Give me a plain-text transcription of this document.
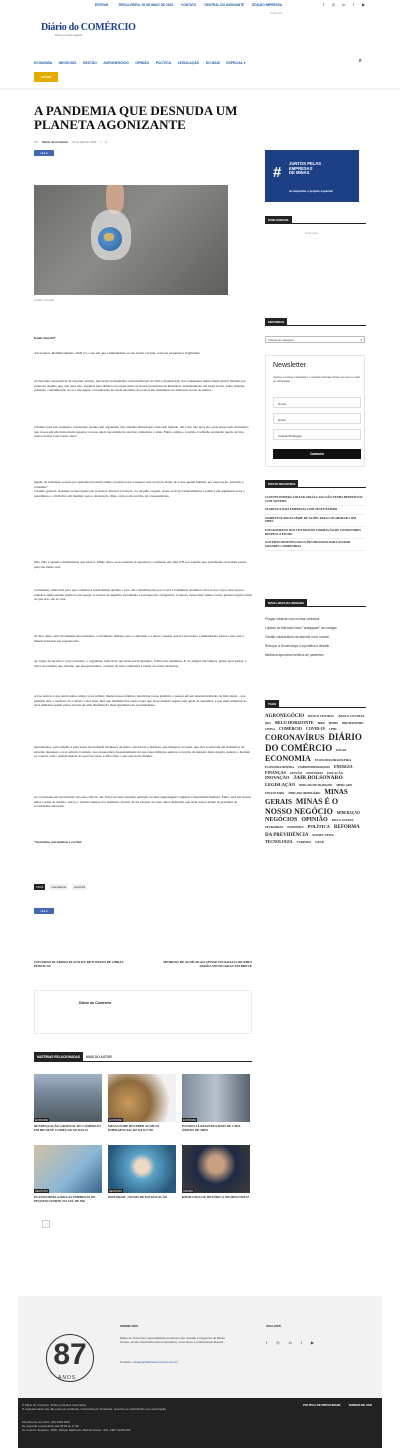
ENTRAR	TERÇA-FEIRA, 09 DE MAIO DE 2023	CONTATO	CENTRAL DO ASSINANTE	EDIÇÃO IMPRESSA	f	◎ in	t	▶
Diário do COMÉRCIO
ética é o nosso negócio
Publicidade
ECONOMIA NEGÓCIOS GESTÃO AGRONEGÓCIO OPINIÃO POLÍTICA LEGISLAÇÃO DO MAIS ESPECIAL ▾	⌕
AUTOR
A PANDEMIA QUE DESNUDA UM PLANETA AGONIZANTE
Por Diário do Comércio 22 de abril de 2020 ▪ 0
Like 0
Crédito: Freepik
Paulo Stucchi*
Adoecemos. Definitivamente, 2020 foi o ano em que a humanidade se viu, frente a frente, com sua pequenez e fragilidade.
As décadas consecutivas de expando urbano, inovações na medicina, universalização da Web e planificação dos continentes numa aldeia global fizeram-nos esquecer daquilo que, ano após ano, jogamos para debaixo do tapete junto às nossas promessas de Réveillon: desmatamento em larga escala, fome, miséria, poluição, contaminação do ar e das águas, concentração de renda nas mãos de poucos em detrimento da alienação social de muitos.
Criamos para nós, humanos, um mundo doente; um organismo cujo sistema imunológico tem sido minado, dia a dia, ano após ano, pela nossa ação destrutiva; que cresce em um ritmo muito superior à nossa igual capacidade de renovar, embelezar e amar. Então, amigos, convido à reflexão profunda: quem, de fato, esteve doente todos esses anos?
Quem, na realidade, respira por aparelhos há muito tempo, lutando para recuperar seus recursos diante de voraz apetite humano por exploração, extração e consumo?
Criamos guerras, sistemas sociais iguais sob protestos diversos (avanços, cor da pele, origem, classe social); transformamos a política em argumento para o extermínio e o diabólico em instituto para a devastação. Mas, como toda escolha, há consequências.
Não. Não é apenas a humanidade que adoece. Muito antes, nosso planeta já agonizava, confinado em uma UTI por aqueles que, justamente, deveriam prezar pela sua saúde: nós.
Certamente, demorará para que voltemos à normalidade quando o pico das contaminações por Covid-19 diminuir. Podemos curar nosso corpo, mas nossos espíritos ainda estarão lotéricos em apagar os nossos de angústia, isolamento e introspecção obrigatória. Contudo, nesse meio tempo, nosso planeta respira; mais do que isso, ele se cura.
Arrisco dizer, sem obviamente desconsiderar o sofrimento humano que os sintomas e a morte causam, que foi necessário a humanidade adoecer para que o mundo iniciasse sua regeneração.
Ao longo de séculos o corpo terrestre, o organismo infeccioso que mata seu hospedeiro, fomos nós, humanos. E, do tempos em tempos, pestes após pestes, a Terra nos lembra que, mesmo que desapareçamos, a beleza da vida continuará a existir de outras maneiras.
A boa notícia é que ainda temos tempo; para refletir, mudar nossos hábitos, relativizar nossa ganância e pensar em um desenvolvimento de mão dupla – que permita, sim, o usufruto do conforto e dos bens, mas que também abra espaço para que nosso mundo respire sem ajuda de aparelhos, e que mais sementes da terra humanos sejam vistos através de uma distribuição mais igualitária de oportunidades.
Aprendemos, pela religião e pela nossa necessidade intrínseca de mitos, salvadores e mártires, que milagres ocorrem, que eles acontecem em momentos de extremo desespero e nos salvam. Contudo, nos esquecemos frequentemente de que esses milagres sempre ocorrerão da maneira mais singela, quando o homem se conecta com o grande mundo do qual faz parte, e deixa fluir o que este há de melhor.
As sociedades são previsíveis; são elas cíclicas, são frutos de uma estrutura pensada, de uma engrenagem completa e meramente humana. Entre, será em nossas mãos o leme do destino. Até lá, o planeta sempre nos lembrará, através da dor (depois do tanto amor dedicado) que nada somos diante da grandeza do ecossistema universal.
*Jornalista, psicanalista e escritor
TAGS	coronavírus	covid-19
Like 0
GOVERNO ELABORA PLANO DE RETOMADA DE OBRAS PÚBLICAS
MEDIDAS DE AUXÍLIO AO SETOR SUCROALCOOLEIRO SERÃO ANUNCIADAS EM BREVE
Diário do Comércio
MATÉRIAS RELACIONADAS	MAIS DO AUTOR
ECONOMIA
READEQUAÇÃO GRADUAL DO COMÉRCIO EM BH DEVE COMEÇAR NO DIA 25
ECONOMIA
MINAS PODE RECEBER AUXÍLIO EMERGENCIAL DE R$ 8,77 BI
ECONOMIA
ESTADO JÁ REGISTRA MAIS DE 2 MIL ÓBITOS DE SRES
NEGÓCIOS
PLATAFORMA AJUDA AS EMPRESAS DE PEQUENO PORTE NO SUL DE MG
NEGÓCIOS
EDITORIAL | SINAIS DE PACIFICAÇÃO
OPINIÃO
IDEOLOGIA OU RETÓRICA OPORTUNISTA?
›
#
JUNTOS PELAS
EMPRESAS
DE MINAS
Acompanhe o projeto especial
PUBLICIDADE
Publicidade
EDITORIAS
Selecionar categoria	▾
Newsletter
Assine a nossa newsletter e receba notícias direto em seu e-mail ou whatsapp
Nome
Email
Celular/Whatsapp
Cadastro
POSTS RECENTES
CLIENTE PODERÁ VOLTAR ATRÁS CASO NÃO TENHA BENEFÍCIOS COM SISTEMA
STARTUP AJUDA EMPRESAS COM TESTE RÁPIDO
MARKETUP ADOTA SÉRIE DE AÇÕES PARA COLABORAR COM MPES
FATURAMENTO DOS CENTROS DE FORMAÇÃO DE CONDUTORES DESPENCA EM MG
GOVERNO DESENHA SOLUÇÕES PRIVADAS PARA AJUDAR GRANDES COMPANHIAS
MAIS LIDAS DA SEMANA
Pragas urbanas com os dias contados
Lojistas do Mercado Novo "arregaçam" as mangas
Gestão colaborativa vai assumir novo normal
Reforçar a Governança Corporativa é desafio
Medicina aprovima médicos de pacientes
TAGS
AGRONEGÓCIO BANCO CENTRAL BANCO CENTRAL (BC) BELO HORIZONTE BIRD BNDES BRUMADINHO CHINA COMÉRCIO COVID-19 CPMI CORONAVÍRUS DIÁRIO DO COMÉRCIO DÓLAR ECONOMIA ECONOMIA BRASILEIRA ECONOMIA MINEIRA EMPREENDEDORISMO ENERGIA FINANÇAS GESTÃO INDÚSTRIA INFLAÇÃO INOVAÇÃO JAIR BOLSONARO LEGISLAÇÃO MERCADO DE TRABALHO MERCADO FINANCEIRO MERCADO IMOBILIÁRIO MINAS GERAIS MINAS É O NOSSO NEGÓCIO MINERAÇÃO NEGÓCIOS OPINIÃO PAULO GUEDES PETROBRAS PANDEMIA POLÍTICA REFORMA DA PREVIDÊNCIA ROMEU ZEMA TECNOLOGIA TURISMO VALE
87
ANOS
SOBRE NÓS
Diário do Comércio: especializado em Economia, Gestão e Negócios de Minas Gerais, sendo referência para empresários, executivos e profissionais liberais.
Contato: contato@diariodocomercio.com.br
SIGA-NOS
f ◎ in t ▶
© Diário do Comércio. Todos os direitos reservados.
O conteúdo deste site não pode ser publicado, transmitido por broadcast, reescrito ou redistribuído sem autorização.
Atendimento ao Leitor: (31) 3469-2001
De segunda a sexta-feira, das 08:00 às 17:30
Av. Américo Vespúcio, 1660 - Parque Riachuelo, Belo Horizonte - MG, CEP: 31230-250
POLÍTICA DE PRIVACIDADE	TERMOS DE USO
